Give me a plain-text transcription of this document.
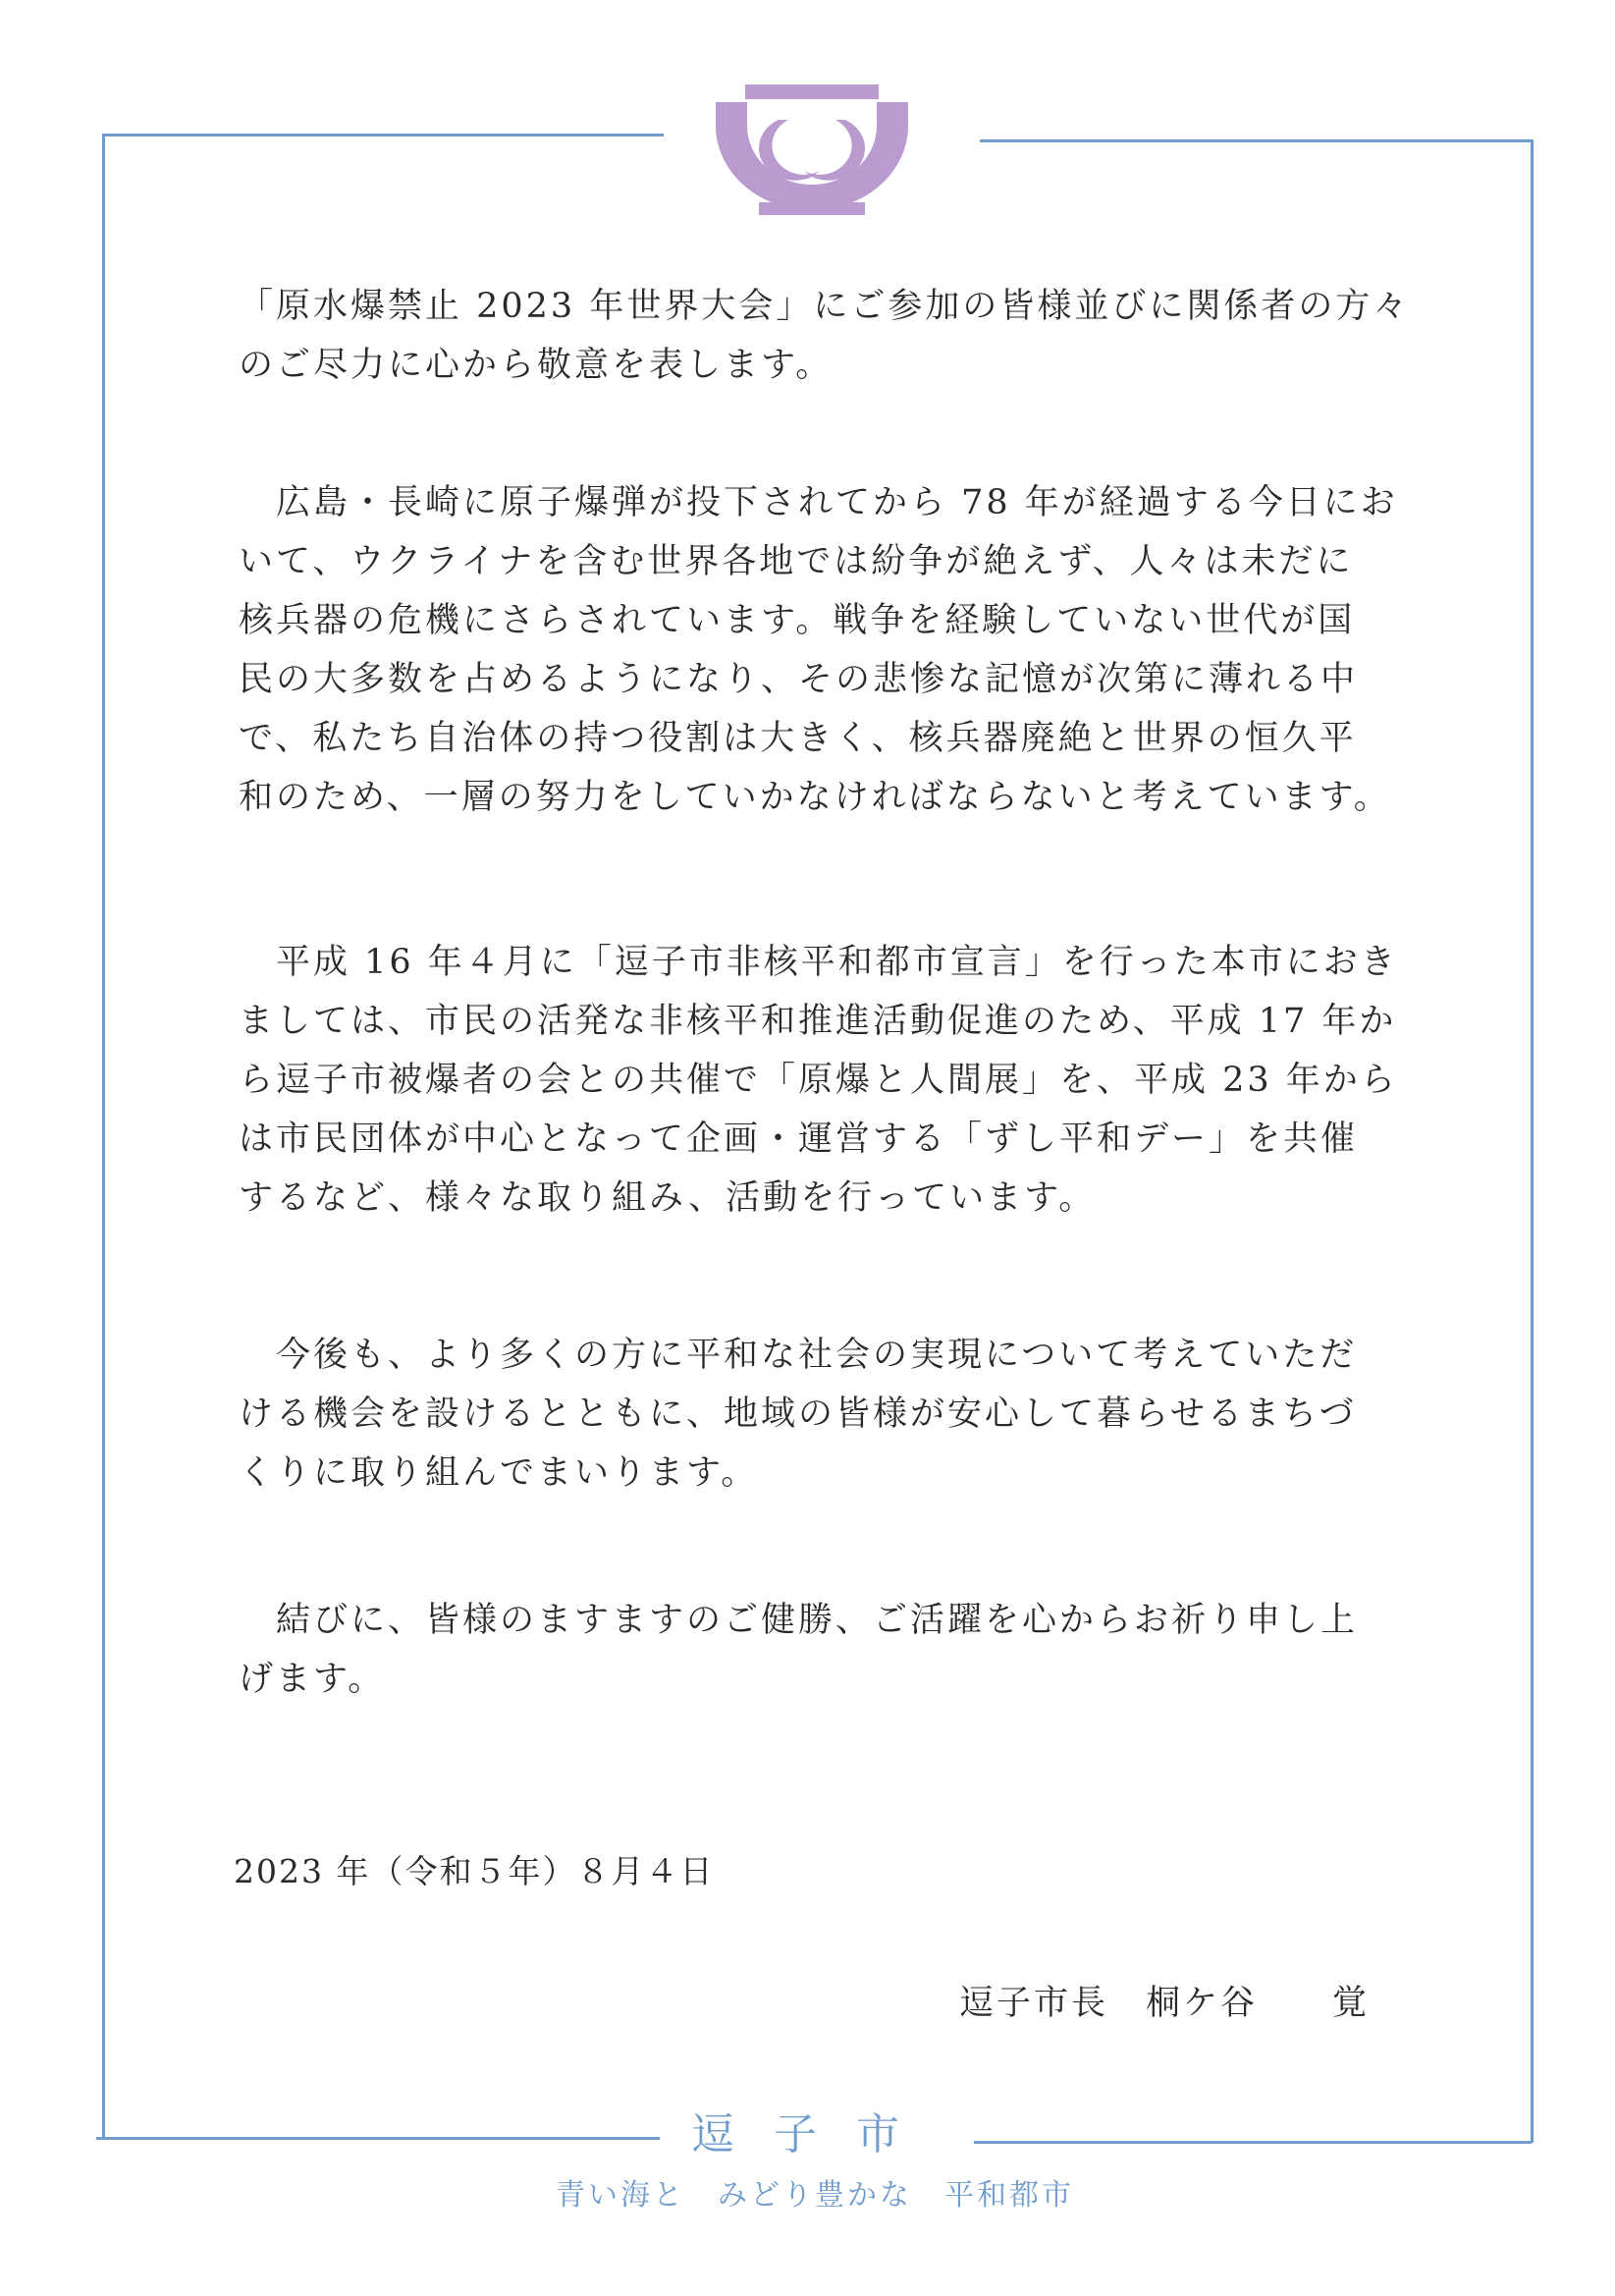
「原水爆禁止 2023 年世界大会」にご参加の皆様並びに関係者の方々

のご尽力に心から敬意を表します。

　広島・長崎に原子爆弾が投下されてから 78 年が経過する今日にお

いて、ウクライナを含む世界各地では紛争が絶えず、人々は未だに

核兵器の危機にさらされています。戦争を経験していない世代が国

民の大多数を占めるようになり、その悲惨な記憶が次第に薄れる中

で、私たち自治体の持つ役割は大きく、核兵器廃絶と世界の恒久平

和のため、一層の努力をしていかなければならないと考えています。

　平成 16 年４月に「逗子市非核平和都市宣言」を行った本市におき

ましては、市民の活発な非核平和推進活動促進のため、平成 17 年か

ら逗子市被爆者の会との共催で「原爆と人間展」を、平成 23 年から

は市民団体が中心となって企画・運営する「ずし平和デー」を共催

するなど、様々な取り組み、活動を行っています。

　今後も、より多くの方に平和な社会の実現について考えていただ

ける機会を設けるとともに、地域の皆様が安心して暮らせるまちづ

くりに取り組んでまいります。

　結びに、皆様のますますのご健勝、ご活躍を心からお祈り申し上

げます。

2023 年（令和５年）８月４日
逗子市長　桐ケ谷　　覚
逗子市
青い海と　みどり豊かな　平和都市
